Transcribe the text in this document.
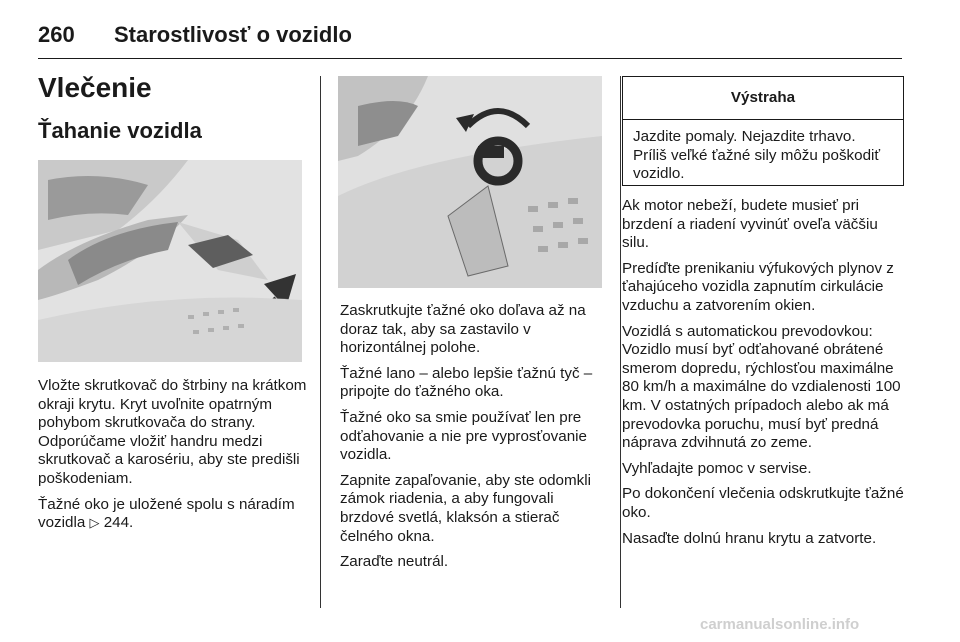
260 Starostlivosť o vozidlo
Vlečenie
Ťahanie vozidla

Vložte skrutkovač do štrbiny na krátkom okraji krytu. Kryt uvoľnite opatrným pohybom skrutkovača do strany. Odporúčame vložiť handru medzi skrutkovač a karosériu, aby ste predišli poškodeniam.

Ťažné oko je uložené spolu s náradím vozidla ▷ 244.

Zaskrutkujte ťažné oko doľava až na doraz tak, aby sa zastavilo v horizontálnej polohe.

Ťažné lano – alebo lepšie ťažnú tyč – pripojte do ťažného oka.

Ťažné oko sa smie používať len pre odťahovanie a nie pre vyprosťovanie vozidla.

Zapnite zapaľovanie, aby ste odomkli zámok riadenia, a aby fungovali brzdové svetlá, klaksón a stierač čelného okna.

Zaraďte neutrál.

Výstraha
Jazdite pomaly. Nejazdite trhavo. Príliš veľké ťažné sily môžu poškodiť vozidlo.

Ak motor nebeží, budete musieť pri brzdení a riadení vyvinúť oveľa väčšiu silu.

Predíďte prenikaniu výfukových plynov z ťahajúceho vozidla zapnutím cirkulácie vzduchu a zatvorením okien.

Vozidlá s automatickou prevodovkou: Vozidlo musí byť odťahované obrátené smerom dopredu, rýchlosťou maximálne 80 km/h a maximálne do vzdialenosti 100 km. V ostatných prípadoch alebo ak má prevodovka poruchu, musí byť predná náprava zdvihnutá zo zeme.

Vyhľadajte pomoc v servise.

Po dokončení vlečenia odskrutkujte ťažné oko.

Nasaďte dolnú hranu krytu a zatvorte.

carmanualsonline.info
